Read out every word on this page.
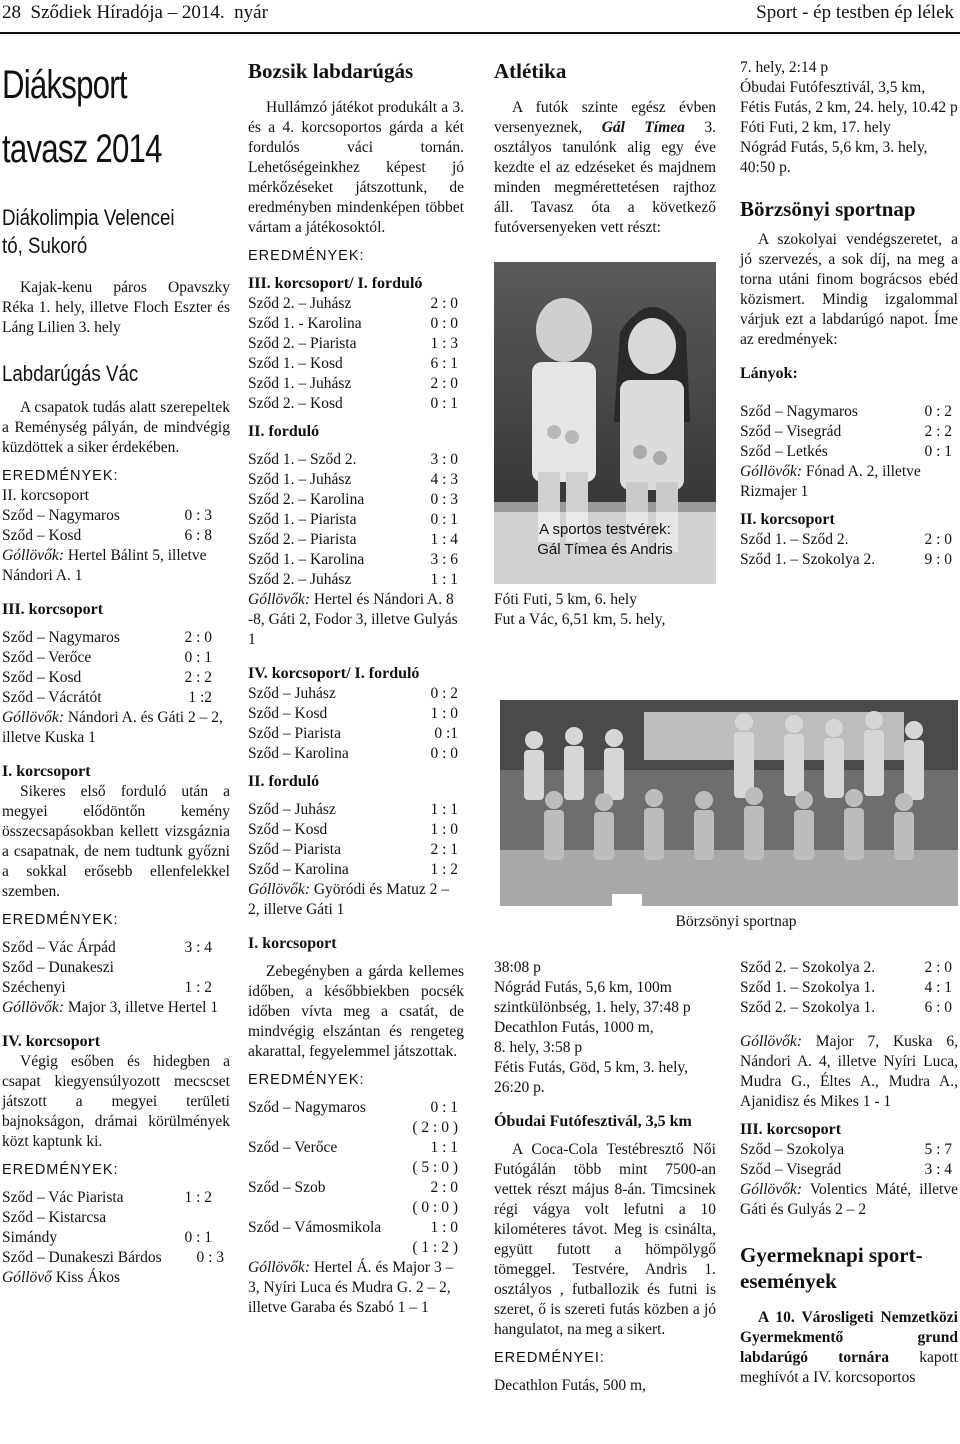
28  Sződiek Híradója – 2014.  nyár	Sport - ép testben ép lélek
Diáksport
tavasz 2014
Diákolimpia Velencei
tó, Sukoró

Kajak-kenu páros Opavszky Réka 1. hely, illetve Floch Eszter és Láng Lilien 3. hely

Labdarúgás Vác

A csapatok tudás alatt szerepeltek a Reménység pályán, de mindvégig küzdöttek a siker érdekében.

EREDMÉNYEK:
II. korcsoport
Sződ – Nagymaros	0 : 3
Sződ – Kosd	6 : 8
Góllövők: Hertel Bálint 5, illetve Nándori A. 1
III. korcsoport
Sződ – Nagymaros	2 : 0
Sződ – Verőce	0 : 1
Sződ – Kosd	2 : 2
Sződ – Vácrátót	1 :2
Góllövők: Nándori A. és Gáti 2 – 2, illetve Kuska 1
I. korcsoport

Sikeres első forduló után a megyei elődöntőn kemény összecsapásokban kellett vizsgáznia a csapatnak, de nem tudtunk győzni a sokkal erősebb ellenfelekkel szemben.

EREDMÉNYEK:
Sződ – Vác Árpád	3 : 4
Sződ – Dunakeszi
Széchenyi	1 : 2
Góllövők: Major 3, illetve Hertel 1
IV. korcsoport

Végig esőben és hidegben a csapat kiegyensúlyozott mecscset játszott a megyei területi bajnokságon, drámai körülmények közt kaptunk ki.

EREDMÉNYEK:
Sződ – Vác Piarista	1 : 2
Sződ – Kistarcsa
Simándy	0 : 1
Sződ – Dunakeszi Bárdos 0 : 3
Góllövő Kiss Ákos
Bozsik labdarúgás

Hullámzó játékot produkált a 3. és a 4. korcsoportos gárda a két fordulós váci tornán. Lehetőségeinkhez képest jó mérkőzéseket játszottunk, de eredményben mindenképen többet vártam a játékosoktól.

EREDMÉNYEK:
III. korcsoport/ I. forduló
Sződ 2. – Juhász	2 : 0
Sződ 1. - Karolina	0 : 0
Sződ 2. – Piarista	1 : 3
Sződ 1. – Kosd	6 : 1
Sződ 1. – Juhász	2 : 0
Sződ 2. – Kosd	0 : 1
II. forduló
Sződ 1. – Sződ 2.	3 : 0
Sződ 1. – Juhász	4 : 3
Sződ 2. – Karolina	0 : 3
Sződ 1. – Piarista	0 : 1
Sződ 2. – Piarista	1 : 4
Sződ 1. – Karolina	3 : 6
Sződ 2. – Juhász	1 : 1
Góllövők: Hertel és Nándori A. 8 -8, Gáti 2, Fodor 3, illetve Gulyás 1
IV. korcsoport/ I. forduló
Sződ – Juhász	0 : 2
Sződ – Kosd	1 : 0
Sződ – Piarista	0 :1
Sződ – Karolina	0 : 0
II. forduló
Sződ – Juhász	1 : 1
Sződ – Kosd	1 : 0
Sződ – Piarista	2 : 1
Sződ – Karolina	1 : 2
Góllövők: Györódi és Matuz 2 – 2, illetve Gáti 1
I. korcsoport

Zebegényben a gárda kellemes időben, a későbbiekben pocsék időben vívta meg a csatát, de mindvégig elszántan és rengeteg akarattal, fegyelemmel játszottak.

EREDMÉNYEK:
Sződ – Nagymaros	0 : 1
( 2 : 0 )
Sződ – Verőce	1 : 1
( 5 : 0 )
Sződ – Szob	2 : 0
( 0 : 0 )
Sződ – Vámosmikola	1 : 0
( 1 : 2 )
Góllövők: Hertel Á. és Major 3 – 3, Nyíri Luca és Mudra G. 2 – 2, illetve Garaba és Szabó 1 – 1
Atlétika

A futók szinte egész évben versenyeznek, Gál Tímea 3. osztályos tanulónk alig egy éve kezdte el az edzéseket és majdnem minden megmérettetésen rajthoz áll. Tavasz óta a következő futóversenyeken vett részt:

A sportos testvérek:
Gál Tímea és Andris
Fóti Futi, 5 km, 6. hely
Fut a Vác, 6,51 km, 5. hely,
Börzsönyi sportnap
38:08 p
Nógrád Futás, 5,6 km, 100m szintkülönbség, 1. hely, 37:48 p
Decathlon Futás, 1000 m,
8. hely, 3:58 p
Fétis Futás, Göd, 5 km, 3. hely, 26:20 p.
Óbudai Futófesztivál, 3,5 km

A Coca-Cola Testébresztő Női Futógálán több mint 7500-an vettek részt május 8-án. Timcsinek régi vágya volt lefutni a 10 kilométeres távot. Meg is csinálta, együtt futott a hömpölygő tömeggel. Testvére, Andris 1. osztályos , futballozik és futni is szeret, ő is szereti futás közben a jó hangulatot, na meg a sikert.

EREDMÉNYEI:
Decathlon Futás, 500 m,
7. hely, 2:14 p
Óbudai Futófesztivál, 3,5 km, Fétis Futás, 2 km, 24. hely, 10.42 p
Fóti Futi, 2 km, 17. hely
Nógrád Futás, 5,6 km, 3. hely, 40:50 p.
Börzsönyi sportnap

A szokolyai vendégszeretet, a jó szervezés, a sok díj, na meg a torna utáni finom bográcsos ebéd közismert. Mindig izgalommal várjuk ezt a labdarúgó napot. Íme az eredmények:

Lányok:
Sződ – Nagymaros	0 : 2
Sződ – Visegrád	2 : 2
Sződ – Letkés	0 : 1
Góllövők: Fónad A. 2, illetve Rizmajer 1
II. korcsoport
Sződ 1. – Sződ 2.	2 : 0
Sződ 1. – Szokolya 2.	9 : 0
Sződ 2. – Szokolya 2.	2 : 0
Sződ 1. – Szokolya 1.	4 : 1
Sződ 2. – Szokolya 1.	6 : 0

Góllövők: Major 7, Kuska 6, Nándori A. 4, illetve Nyíri Luca, Mudra G., Éltes A., Mudra A., Ajanidisz és Mikes 1 - 1

III. korcsoport
Sződ – Szokolya	5 : 7
Sződ – Visegrád	3 : 4

Góllövők: Volentics Máté, illetve Gáti és Gulyás 2 – 2

Gyermeknapi sport-
események

A 10. Városligeti Nemzetközi Gyermekmentő grund labdarúgó tornára kapott meghívót a IV. korcsoportos
